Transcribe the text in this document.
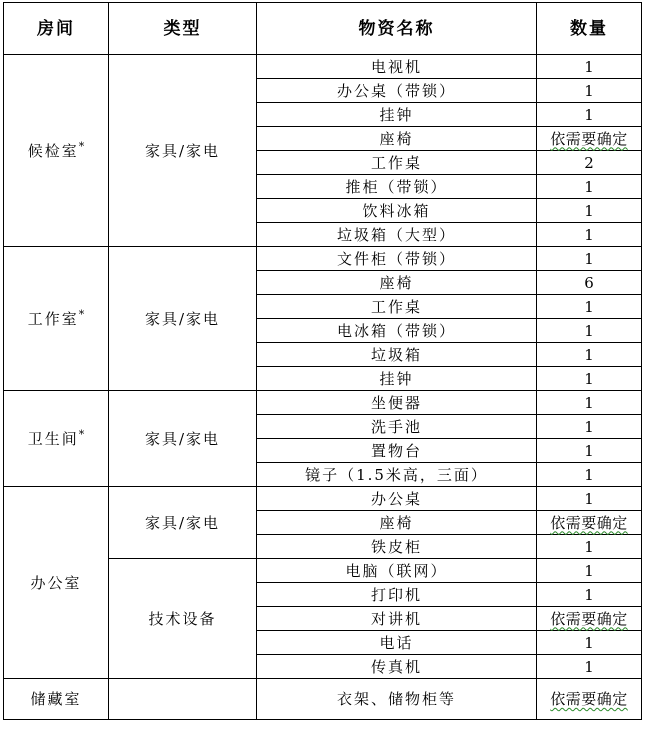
房间	类型	物资名称	数量
候检室*	家具/家电	电视机	1
		办公桌（带锁）	1
		挂钟	1
		座椅	依需要确定
		工作桌	2
		推柜（带锁）	1
		饮料冰箱	1
		垃圾箱（大型）	1
工作室*	家具/家电	文件柜（带锁）	1
		座椅	6
		工作桌	1
		电冰箱（带锁）	1
		垃圾箱	1
		挂钟	1
卫生间*	家具/家电	坐便器	1
		洗手池	1
		置物台	1
		镜子（1.5米高，三面）	1
办公室	家具/家电	办公桌	1
		座椅	依需要确定
		铁皮柜	1
	技术设备	电脑（联网）	1
		打印机	1
		对讲机	依需要确定
		电话	1
		传真机	1
储藏室		衣架、储物柜等	依需要确定
